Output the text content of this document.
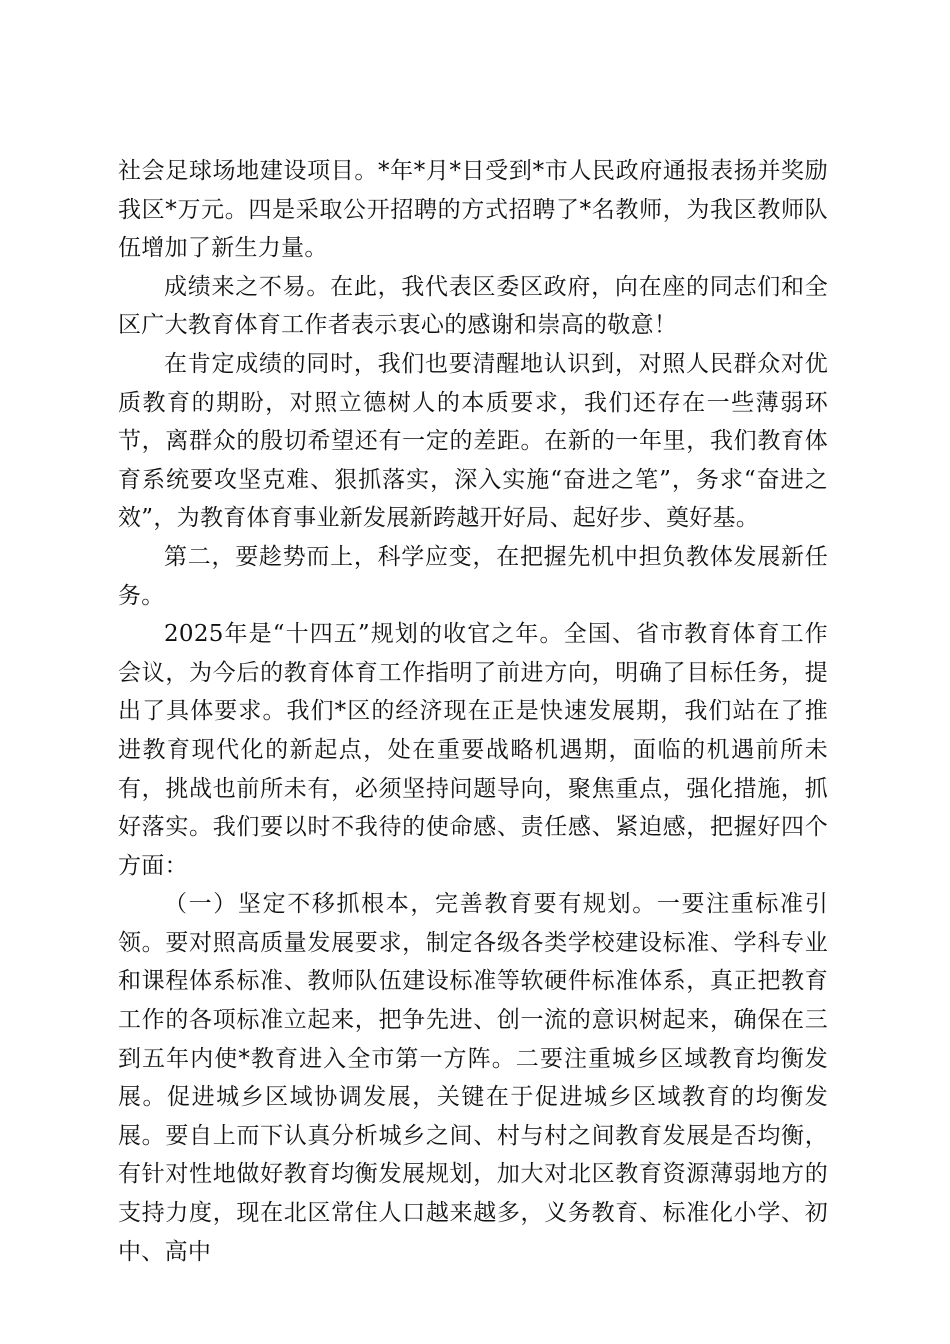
社会足球场地建设项目。*年*月*日受到*市人民政府通报表扬并奖励我区*万元。四是采取公开招聘的方式招聘了*名教师，为我区教师队伍增加了新生力量。

成绩来之不易。在此，我代表区委区政府，向在座的同志们和全区广大教育体育工作者表示衷心的感谢和崇高的敬意！

在肯定成绩的同时，我们也要清醒地认识到，对照人民群众对优质教育的期盼，对照立德树人的本质要求，我们还存在一些薄弱环节，离群众的殷切希望还有一定的差距。在新的一年里，我们教育体育系统要攻坚克难、狠抓落实，深入实施“奋进之笔”，务求“奋进之效”，为教育体育事业新发展新跨越开好局、起好步、奠好基。

第二，要趁势而上，科学应变，在把握先机中担负教体发展新任务。

2025年是“十四五”规划的收官之年。全国、省市教育体育工作会议，为今后的教育体育工作指明了前进方向，明确了目标任务，提出了具体要求。我们*区的经济现在正是快速发展期，我们站在了推进教育现代化的新起点，处在重要战略机遇期，面临的机遇前所未有，挑战也前所未有，必须坚持问题导向，聚焦重点，强化措施，抓好落实。我们要以时不我待的使命感、责任感、紧迫感，把握好四个方面：

（一）坚定不移抓根本，完善教育要有规划。一要注重标准引领。要对照高质量发展要求，制定各级各类学校建设标准、学科专业和课程体系标准、教师队伍建设标准等软硬件标准体系，真正把教育工作的各项标准立起来，把争先进、创一流的意识树起来，确保在三到五年内使*教育进入全市第一方阵。二要注重城乡区域教育均衡发展。促进城乡区域协调发展，关键在于促进城乡区域教育的均衡发展。要自上而下认真分析城乡之间、村与村之间教育发展是否均衡，有针对性地做好教育均衡发展规划，加大对北区教育资源薄弱地方的支持力度，现在北区常住人口越来越多，义务教育、标准化小学、初中、高中
